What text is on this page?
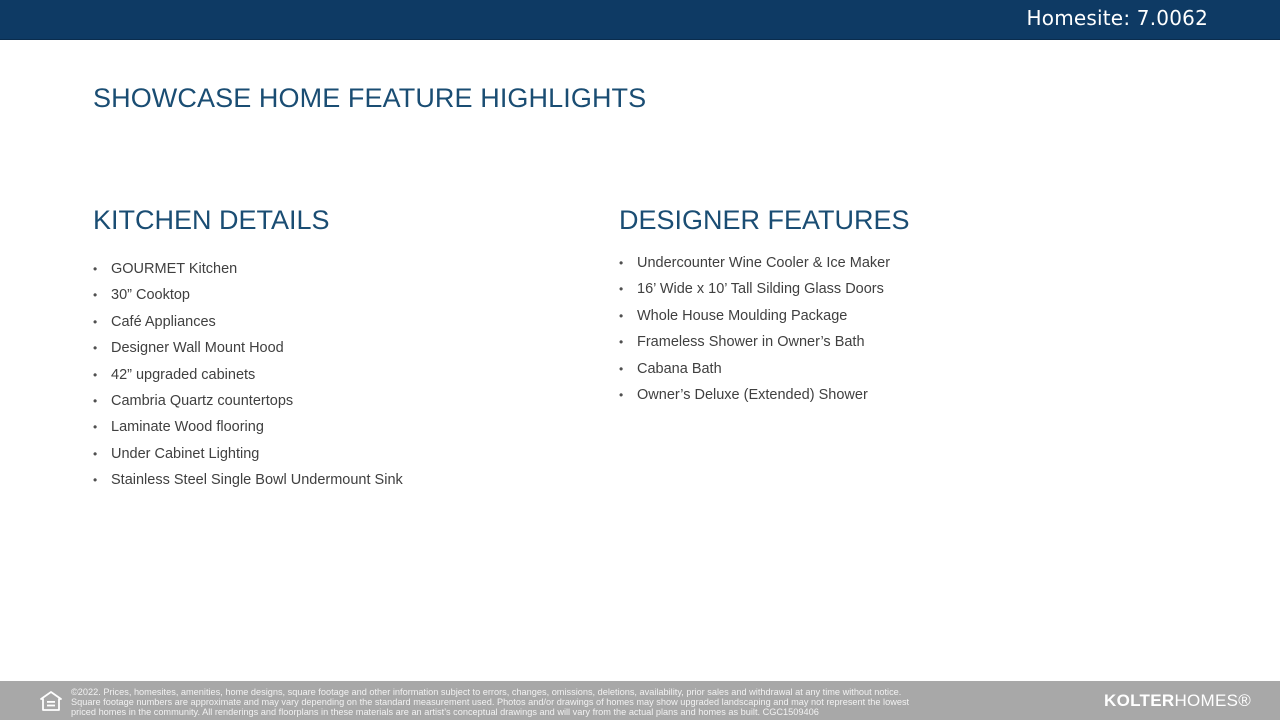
Homesite: 7.0062
SHOWCASE HOME FEATURE HIGHLIGHTS
KITCHEN DETAILS
• GOURMET Kitchen
• 30” Cooktop
• Café Appliances
• Designer Wall Mount Hood
• 42” upgraded cabinets
• Cambria Quartz countertops
• Laminate Wood flooring
• Under Cabinet Lighting
• Stainless Steel Single Bowl Undermount Sink
DESIGNER FEATURES
• Undercounter Wine Cooler & Ice Maker
• 16’ Wide x 10’ Tall Silding Glass Doors
• Whole House Moulding Package
• Frameless Shower in Owner’s Bath
• Cabana Bath
• Owner’s Deluxe (Extended) Shower
©2022. Prices, homesites, amenities, home designs, square footage and other information subject to errors, changes, omissions, deletions, availability, prior sales and withdrawal at any time without notice.
Square footage numbers are approximate and may vary depending on the standard measurement used. Photos and/or drawings of homes may show upgraded landscaping and may not represent the lowest
priced homes in the community. All renderings and floorplans in these materials are an artist’s conceptual drawings and will vary from the actual plans and homes as built. CGC1509406
KOLTERHOMES®
